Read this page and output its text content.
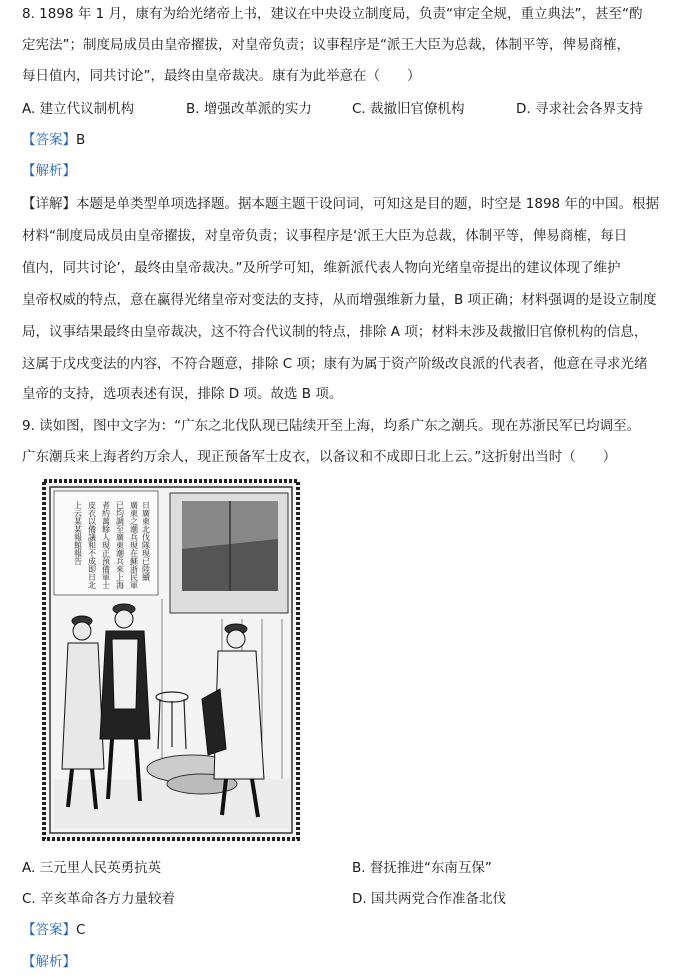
8. 1898 年 1 月，康有为给光绪帝上书，建议在中央设立制度局，负责“审定全规，重立典法”，甚至“酌
定宪法”；制度局成员由皇帝擢拔，对皇帝负责；议事程序是“派王大臣为总裁，体制平等，俾易商榷，
每日值内，同共讨论”，最终由皇帝裁决。康有为此举意在（　　）
A. 建立代议制机构	B. 增强改革派的实力	C. 裁撤旧官僚机构	D. 寻求社会各界支持
【答案】B
【解析】
【详解】本题是单类型单项选择题。据本题主题干设问词，可知这是目的题，时空是 1898 年的中国。根据
材料“制度局成员由皇帝擢拔，对皇帝负责；议事程序是‘派王大臣为总裁，体制平等，俾易商榷，每日
值内，同共讨论’，最终由皇帝裁决。”及所学可知，维新派代表人物向光绪皇帝提出的建议体现了维护
皇帝权威的特点，意在赢得光绪皇帝对变法的支持，从而增强维新力量，B 项正确；材料强调的是设立制度
局，议事结果最终由皇帝裁决，这不符合代议制的特点，排除 A 项；材料未涉及裁撤旧官僚机构的信息，
这属于戊戌变法的内容，不符合题意，排除 C 项；康有为属于资产阶级改良派的代表者，他意在寻求光绪
皇帝的支持，选项表述有误，排除 D 项。故选 B 项。
9. 读如图，图中文字为：“广东之北伐队现已陆续开至上海，均系广东之潮兵。现在苏浙民军已均调至。
广东潮兵来上海者约万余人，现正预备军士皮衣，以备议和不成即日北上云。”这折射出当时（　　）
日廣東北伐隊現已陸續
廣東之潮兵現在蘇浙民軍
已均調至廣東潮兵來上海
者約萬餘人現正預備軍士
皮衣以備議和不成即日北
上云某某報館報告
A. 三元里人民英勇抗英	B. 督抚推进“东南互保”
C. 辛亥革命各方力量较着	D. 国共两党合作准备北伐
【答案】C
【解析】
